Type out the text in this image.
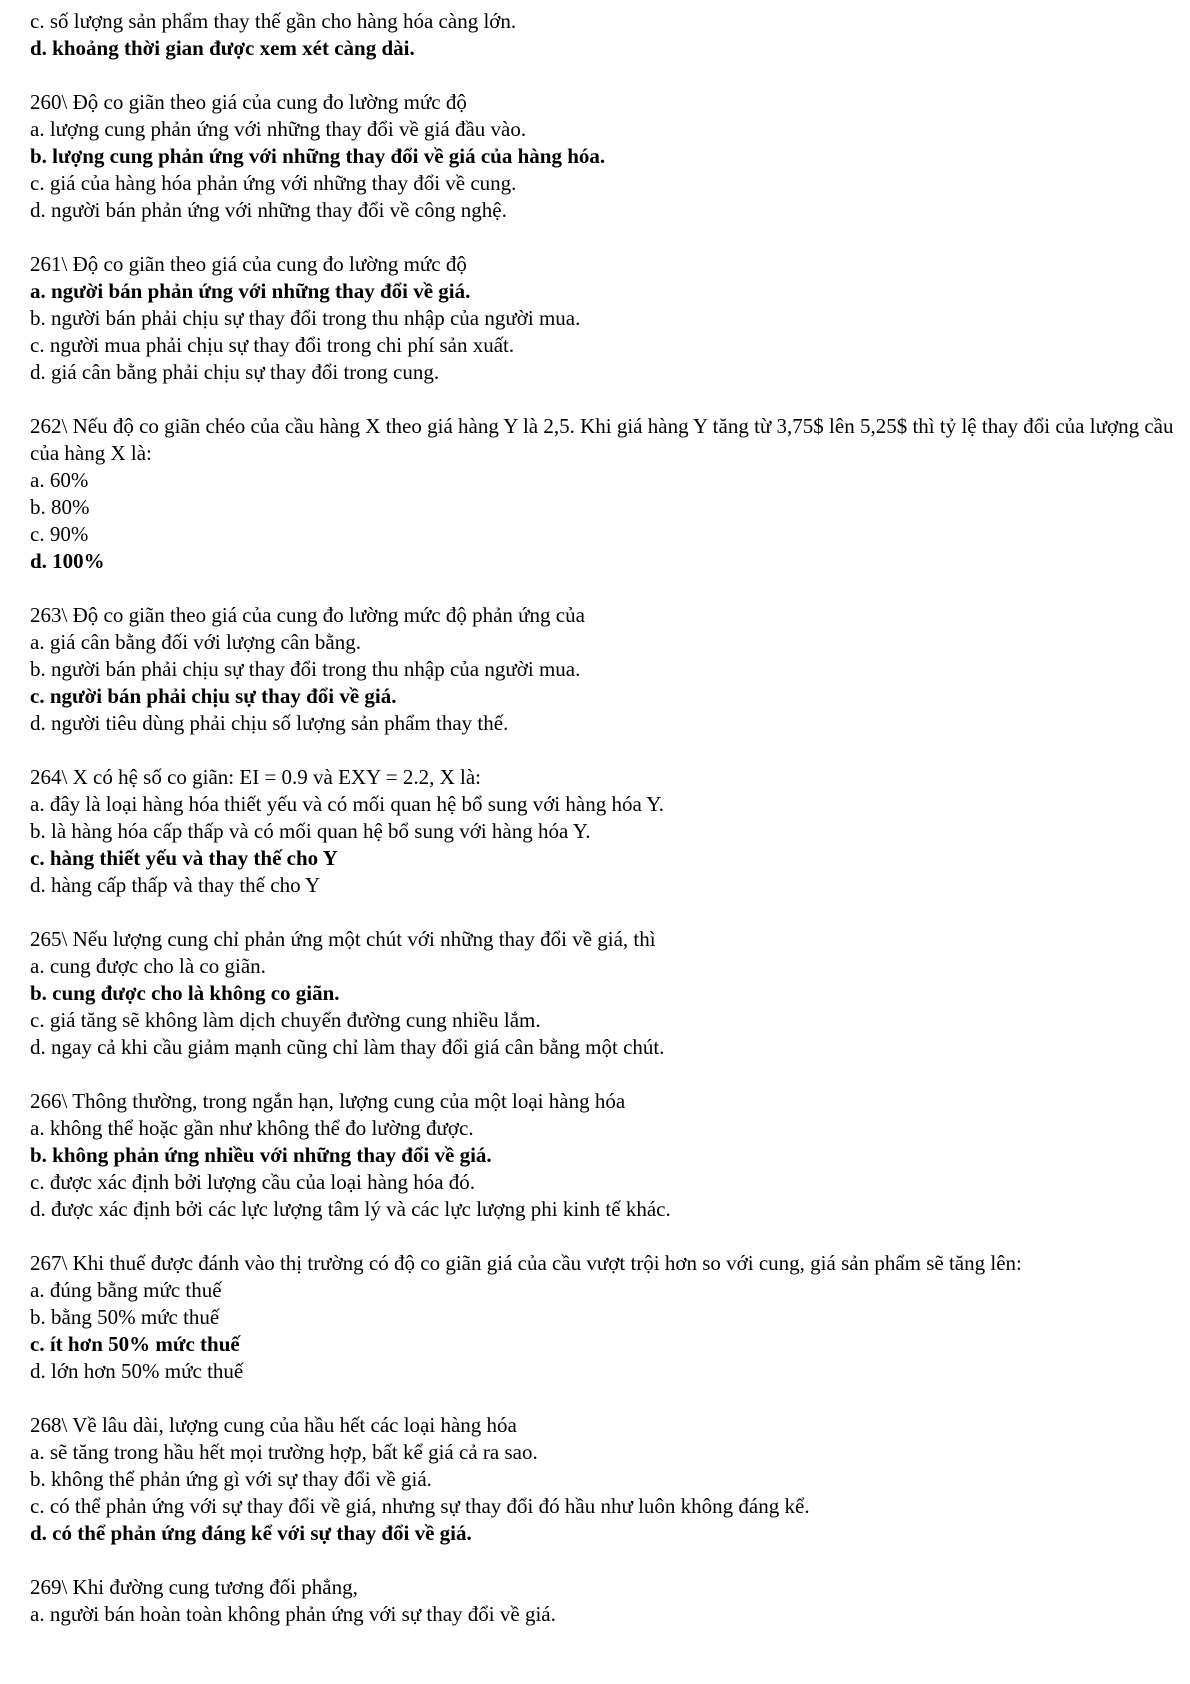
c. số lượng sản phẩm thay thế gần cho hàng hóa càng lớn.
d. khoảng thời gian được xem xét càng dài.
260\ Độ co giãn theo giá của cung đo lường mức độ
a. lượng cung phản ứng với những thay đổi về giá đầu vào.
b. lượng cung phản ứng với những thay đổi về giá của hàng hóa.
c. giá của hàng hóa phản ứng với những thay đổi về cung.
d. người bán phản ứng với những thay đổi về công nghệ.
261\ Độ co giãn theo giá của cung đo lường mức độ
a. người bán phản ứng với những thay đổi về giá.
b. người bán phải chịu sự thay đổi trong thu nhập của người mua.
c. người mua phải chịu sự thay đổi trong chi phí sản xuất.
d. giá cân bằng phải chịu sự thay đổi trong cung.
262\ Nếu độ co giãn chéo của cầu hàng X theo giá hàng Y là 2,5. Khi giá hàng Y tăng từ 3,75$ lên 5,25$ thì tỷ lệ thay đổi của lượng cầu của hàng X là:
a. 60%
b. 80%
c. 90%
d. 100%
263\ Độ co giãn theo giá của cung đo lường mức độ phản ứng của
a. giá cân bằng đối với lượng cân bằng.
b. người bán phải chịu sự thay đổi trong thu nhập của người mua.
c. người bán phải chịu sự thay đổi về giá.
d. người tiêu dùng phải chịu số lượng sản phẩm thay thế.
264\ X có hệ số co giãn: EI = 0.9 và EXY = 2.2, X là:
a. đây là loại hàng hóa thiết yếu và có mối quan hệ bổ sung với hàng hóa Y.
b. là hàng hóa cấp thấp và có mối quan hệ bổ sung với hàng hóa Y.
c. hàng thiết yếu và thay thế cho Y
d. hàng cấp thấp và thay thế cho Y
265\ Nếu lượng cung chỉ phản ứng một chút với những thay đổi về giá, thì
a. cung được cho là co giãn.
b. cung được cho là không co giãn.
c. giá tăng sẽ không làm dịch chuyển đường cung nhiều lắm.
d. ngay cả khi cầu giảm mạnh cũng chỉ làm thay đổi giá cân bằng một chút.
266\ Thông thường, trong ngắn hạn, lượng cung của một loại hàng hóa
a. không thể hoặc gần như không thể đo lường được.
b. không phản ứng nhiều với những thay đổi về giá.
c. được xác định bởi lượng cầu của loại hàng hóa đó.
d. được xác định bởi các lực lượng tâm lý và các lực lượng phi kinh tế khác.
267\ Khi thuế được đánh vào thị trường có độ co giãn giá của cầu vượt trội hơn so với cung, giá sản phẩm sẽ tăng lên:
a. đúng bằng mức thuế
b. bằng 50% mức thuế
c. ít hơn 50% mức thuế
d. lớn hơn 50% mức thuế
268\ Về lâu dài, lượng cung của hầu hết các loại hàng hóa
a. sẽ tăng trong hầu hết mọi trường hợp, bất kể giá cả ra sao.
b. không thể phản ứng gì với sự thay đổi về giá.
c. có thể phản ứng với sự thay đổi về giá, nhưng sự thay đổi đó hầu như luôn không đáng kể.
d. có thể phản ứng đáng kể với sự thay đổi về giá.
269\ Khi đường cung tương đối phẳng,
a. người bán hoàn toàn không phản ứng với sự thay đổi về giá.
